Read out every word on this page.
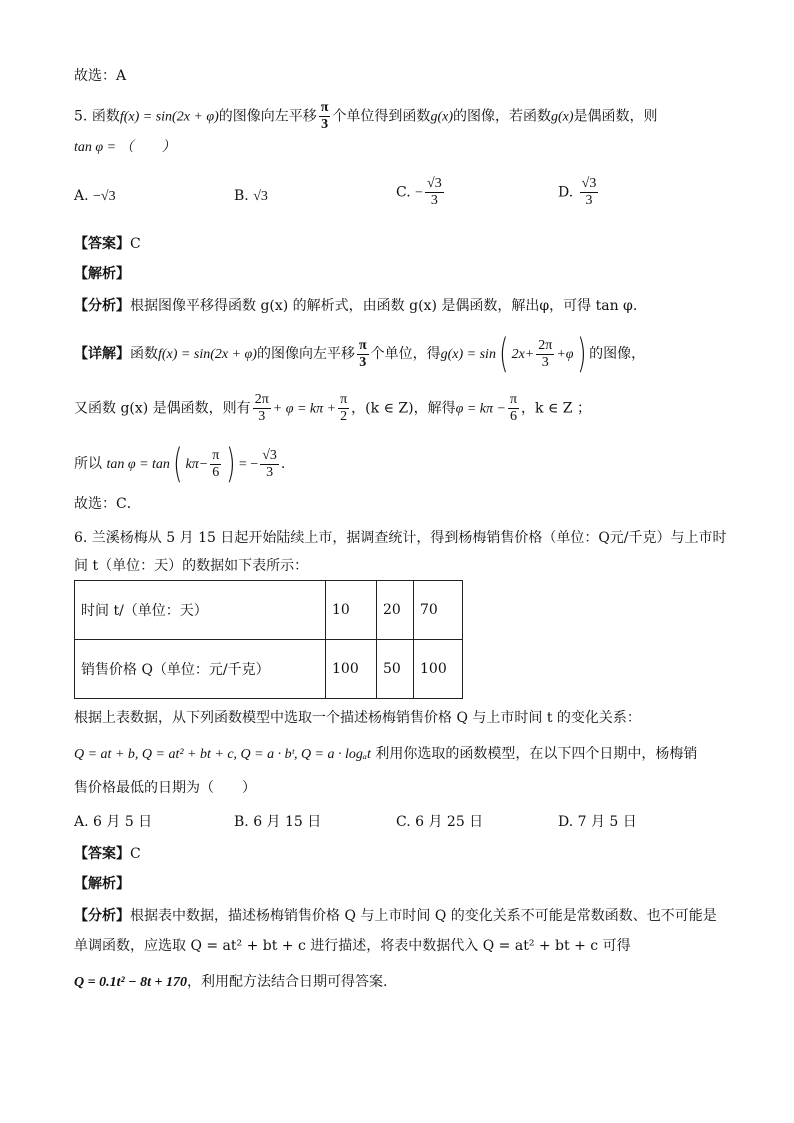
故选：A
5. 函数f(x) = sin(2x + φ)的图像向左平移 $\frac{\pi}{3}$ 个单位得到函数g(x)的图像，若函数g(x)是偶函数，则
tan φ = （　　）
A. −√3	B. √3	C. − $\frac{√3}{3}$	D. $\frac{√3}{3}$
【答案】C
【解析】
【分析】根据图像平移得函数 g(x) 的解析式，由函数 g(x) 是偶函数，解出φ，可得 tan φ.
【详解】函数f(x) = sin(2x + φ)的图像向左平移 $\frac{\pi}{3}$ 个单位，得g(x) = sin( $2x+ \frac{2\pi}{3} +\varphi$) 的图像，
又函数 g(x) 是偶函数，则有 $\frac{2\pi}{3} + \varphi = k\pi + \frac{\pi}{2}$ ，(k ∈ Z)，解得$\varphi = k\pi - \frac{\pi}{6}$ ，k ∈ Z ；
所以 tan φ = tan( $k\pi- \frac{\pi}{6}$ ) = − $\frac{√3}{3}$ .
故选：C．
6. 兰溪杨梅从 5 月 15 日起开始陆续上市，据调查统计，得到杨梅销售价格（单位：Q元/千克）与上市时
间 t（单位：天）的数据如下表所示：
时间 t/（单位：天）	10	20	70
销售价格 Q（单位：元/千克）	100	50	100
根据上表数据，从下列函数模型中选取一个描述杨梅销售价格 Q 与上市时间 t 的变化关系：
Q = at + b, Q = at² + bt + c, Q = a · bᵗ, Q = a · logₐt 利用你选取的函数模型，在以下四个日期中，杨梅销
售价格最低的日期为（　　）
A. 6 月 5 日	B. 6 月 15 日	C. 6 月 25 日	D. 7 月 5 日
【答案】C
【解析】
【分析】根据表中数据，描述杨梅销售价格 Q 与上市时间 Q 的变化关系不可能是常数函数、也不可能是
单调函数，应选取 Q = at² + bt + c 进行描述，将表中数据代入 Q = at² + bt + c 可得
Q = 0.1t² − 8t + 170，利用配方法结合日期可得答案.
